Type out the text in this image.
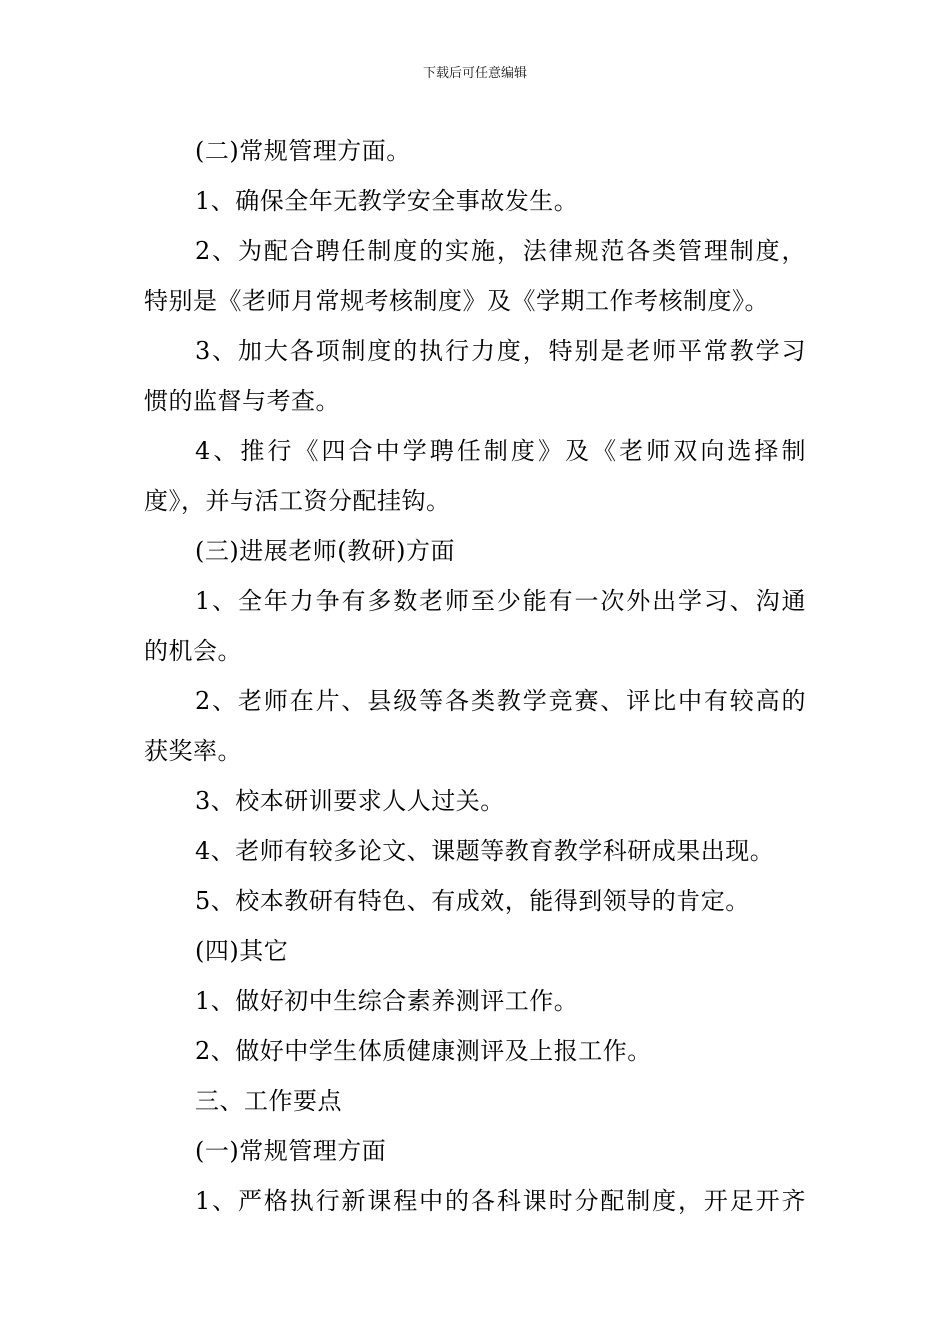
下载后可任意编辑

(二)常规管理方面。

1、确保全年无教学安全事故发生。

2、为配合聘任制度的实施，法律规范各类管理制度，

特别是《老师月常规考核制度》及《学期工作考核制度》。

3、加大各项制度的执行力度，特别是老师平常教学习

惯的监督与考查。

4、推行《四合中学聘任制度》及《老师双向选择制

度》，并与活工资分配挂钩。

(三)进展老师(教研)方面

1、全年力争有多数老师至少能有一次外出学习、沟通

的机会。

2、老师在片、县级等各类教学竞赛、评比中有较高的

获奖率。

3、校本研训要求人人过关。

4、老师有较多论文、课题等教育教学科研成果出现。

5、校本教研有特色、有成效，能得到领导的肯定。

(四)其它

1、做好初中生综合素养测评工作。

2、做好中学生体质健康测评及上报工作。

三、工作要点

(一)常规管理方面

1、严格执行新课程中的各科课时分配制度，开足开齐
